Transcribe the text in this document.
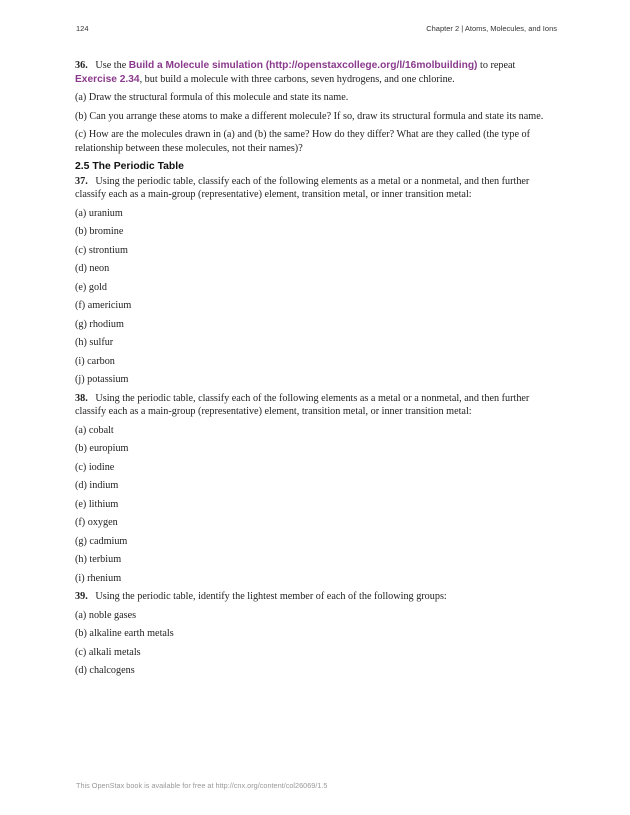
124	Chapter 2 | Atoms, Molecules, and Ions

36. Use the Build a Molecule simulation (http://openstaxcollege.org/l/16molbuilding) to repeat
Exercise 2.34, but build a molecule with three carbons, seven hydrogens, and one chlorine.

(a) Draw the structural formula of this molecule and state its name.

(b) Can you arrange these atoms to make a different molecule? If so, draw its structural formula and state its name.

(c) How are the molecules drawn in (a) and (b) the same? How do they differ? What are they called (the type of relationship between these molecules, not their names)?

2.5 The Periodic Table

37. Using the periodic table, classify each of the following elements as a metal or a nonmetal, and then further classify each as a main-group (representative) element, transition metal, or inner transition metal:

(a) uranium

(b) bromine

(c) strontium

(d) neon

(e) gold

(f) americium

(g) rhodium

(h) sulfur

(i) carbon

(j) potassium

38. Using the periodic table, classify each of the following elements as a metal or a nonmetal, and then further classify each as a main-group (representative) element, transition metal, or inner transition metal:

(a) cobalt

(b) europium

(c) iodine

(d) indium

(e) lithium

(f) oxygen

(g) cadmium

(h) terbium

(i) rhenium

39. Using the periodic table, identify the lightest member of each of the following groups:

(a) noble gases

(b) alkaline earth metals

(c) alkali metals

(d) chalcogens

This OpenStax book is available for free at http://cnx.org/content/col26069/1.5
